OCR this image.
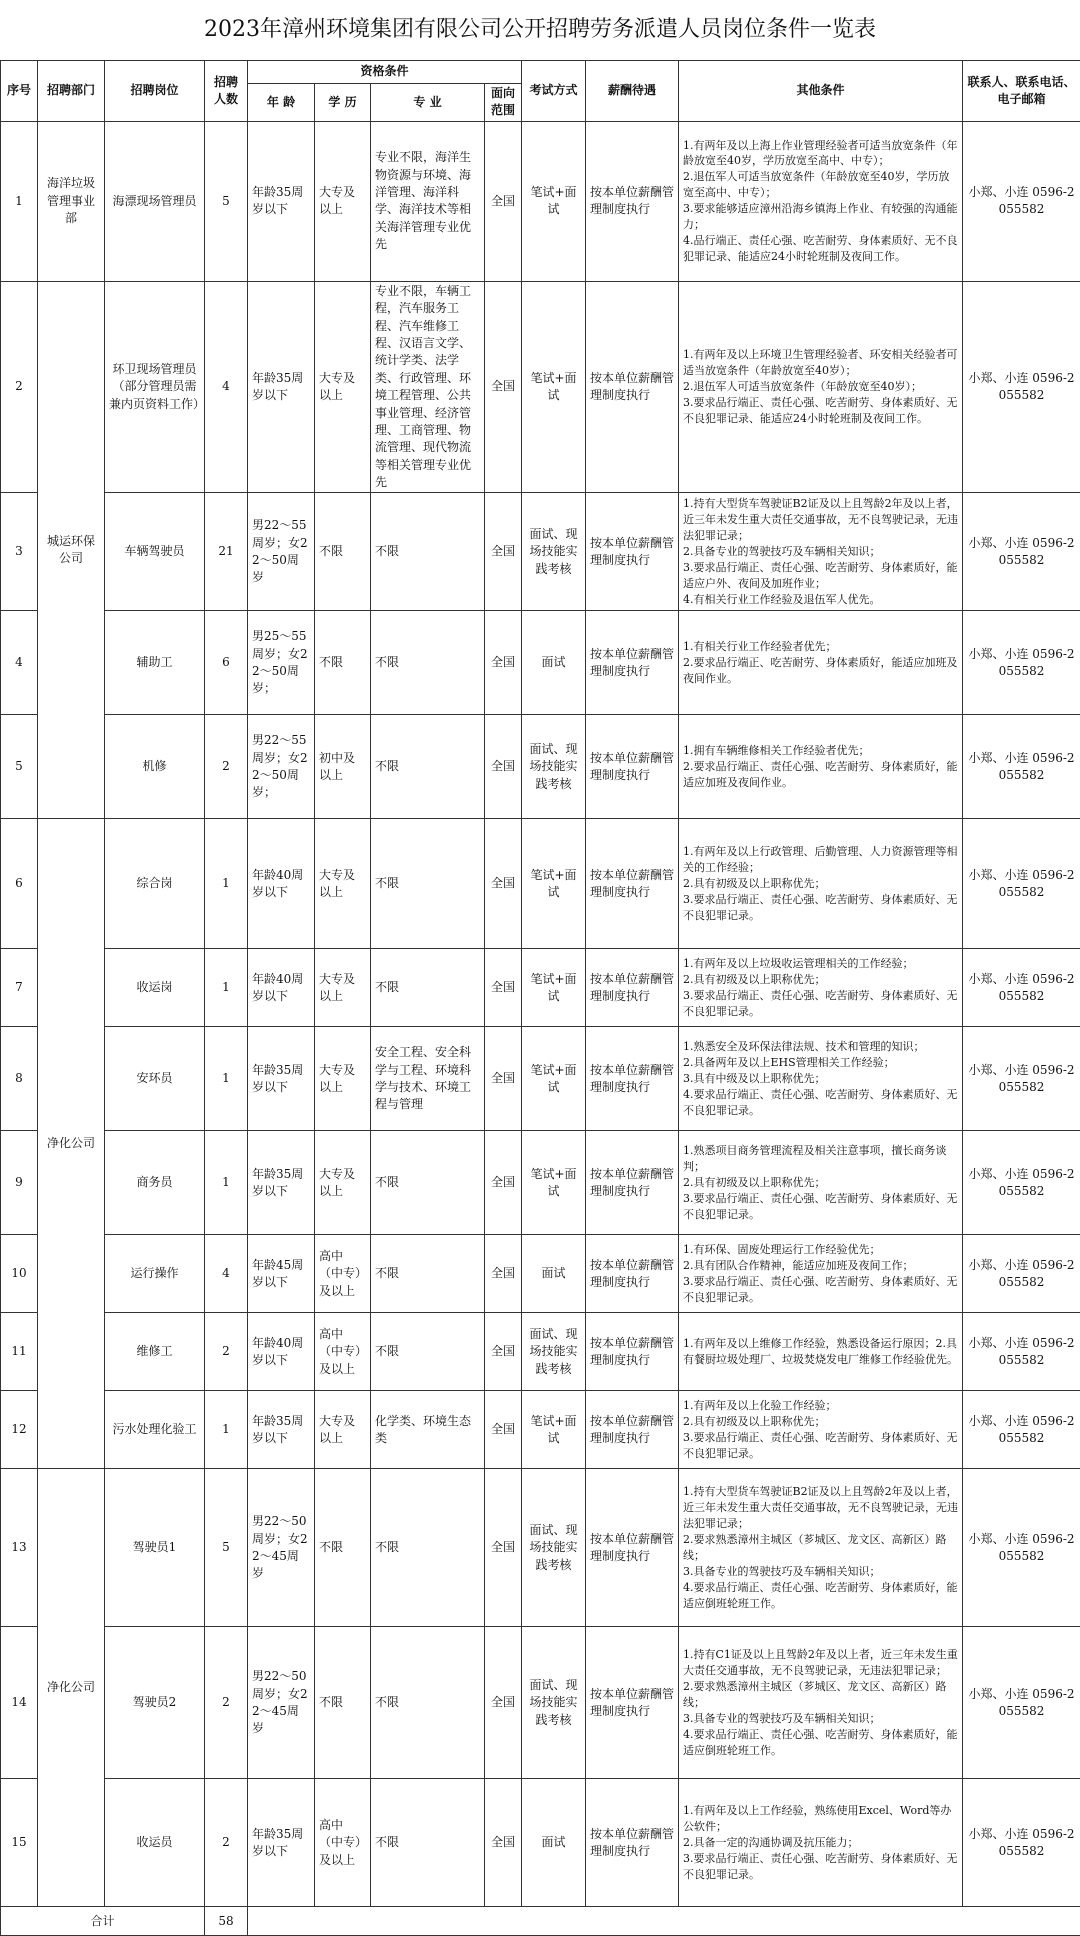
2023年漳州环境集团有限公司公开招聘劳务派遣人员岗位条件一览表
序号	招聘部门	招聘岗位	招聘人数	资格条件				考试方式	薪酬待遇	其他条件	联系人、联系电话、 电子邮箱
				年 龄	学 历	专 业	面向范围				
1	海洋垃圾管理事业部	海漂现场管理员	5	年龄35周岁以下	大专及以上	专业不限，海洋生物资源与环境、海洋管理、海洋科学、海洋技术等相关海洋管理专业优先	全国	笔试+面试	按本单位薪酬管理制度执行	1.有两年及以上海上作业管理经验者可适当放宽条件（年龄放宽至40岁，学历放宽至高中、中专）；
2.退伍军人可适当放宽条件（年龄放宽至40岁，学历放宽至高中、中专）；
3.要求能够适应漳州沿海乡镇海上作业、有较强的沟通能力；
4.品行端正、责任心强、吃苦耐劳、身体素质好、无不良犯罪记录、能适应24小时轮班制及夜间工作。	小郑、小连 0596-2055582
2	城运环保公司	环卫现场管理员（部分管理员需兼内页资料工作）	4	年龄35周岁以下	大专及以上	专业不限，车辆工程，汽车服务工程、汽车维修工程、汉语言文学、统计学类、法学类、行政管理、环境工程管理、公共事业管理、经济管理、工商管理、物流管理、现代物流等相关管理专业优先	全国	笔试+面试	按本单位薪酬管理制度执行	1.有两年及以上环境卫生管理经验者、环安相关经验者可适当放宽条件（年龄放宽至40岁）；
2.退伍军人可适当放宽条件（年龄放宽至40岁）；
3.要求品行端正、责任心强、吃苦耐劳、身体素质好、无不良犯罪记录、能适应24小时轮班制及夜间工作。	小郑、小连 0596-2055582
3		车辆驾驶员	21	男22～55周岁；女22～50周岁	不限	不限	全国	面试、现场技能实践考核	按本单位薪酬管理制度执行	1.持有大型货车驾驶证B2证及以上且驾龄2年及以上者，近三年未发生重大责任交通事故，无不良驾驶记录，无违法犯罪记录；
2.具备专业的驾驶技巧及车辆相关知识；
3.要求品行端正、责任心强、吃苦耐劳、身体素质好，能适应户外、夜间及加班作业；
4.有相关行业工作经验及退伍军人优先。	小郑、小连 0596-2055582
4		辅助工	6	男25～55周岁；女22～50周岁；	不限	不限	全国	面试	按本单位薪酬管理制度执行	1.有相关行业工作经验者优先；
2.要求品行端正、吃苦耐劳、身体素质好，能适应加班及夜间作业。	小郑、小连 0596-2055582
5		机修	2	男22～55周岁；女22～50周岁；	初中及以上	不限	全国	面试、现场技能实践考核	按本单位薪酬管理制度执行	1.拥有车辆维修相关工作经验者优先；
2.要求品行端正、责任心强、吃苦耐劳、身体素质好，能适应加班及夜间作业。	小郑、小连 0596-2055582
6	净化公司	综合岗	1	年龄40周岁以下	大专及以上	不限	全国	笔试+面试	按本单位薪酬管理制度执行	1.有两年及以上行政管理、后勤管理、人力资源管理等相关的工作经验；
2.具有初级及以上职称优先；
3.要求品行端正、责任心强、吃苦耐劳、身体素质好、无不良犯罪记录。	小郑、小连 0596-2055582
7		收运岗	1	年龄40周岁以下	大专及以上	不限	全国	笔试+面试	按本单位薪酬管理制度执行	1.有两年及以上垃圾收运管理相关的工作经验；
2.具有初级及以上职称优先；
3.要求品行端正、责任心强、吃苦耐劳、身体素质好、无不良犯罪记录。	小郑、小连 0596-2055582
8		安环员	1	年龄35周岁以下	大专及以上	安全工程、安全科学与工程、环境科学与技术、环境工程与管理	全国	笔试+面试	按本单位薪酬管理制度执行	1.熟悉安全及环保法律法规、技术和管理的知识；
2.具备两年及以上EHS管理相关工作经验；
3.具有中级及以上职称优先；
4.要求品行端正、责任心强、吃苦耐劳、身体素质好、无不良犯罪记录。	小郑、小连 0596-2055582
9		商务员	1	年龄35周岁以下	大专及以上	不限	全国	笔试+面试	按本单位薪酬管理制度执行	1.熟悉项目商务管理流程及相关注意事项，擅长商务谈判；
2.具有初级及以上职称优先；
3.要求品行端正、责任心强、吃苦耐劳、身体素质好、无不良犯罪记录。	小郑、小连 0596-2055582
10		运行操作	4	年龄45周岁以下	高中（中专）及以上	不限	全国	面试	按本单位薪酬管理制度执行	1.有环保、固废处理运行工作经验优先；
2.具有团队合作精神，能适应加班及夜间工作；
3.要求品行端正、责任心强、吃苦耐劳、身体素质好、无不良犯罪记录。	小郑、小连 0596-2055582
11		维修工	2	年龄40周岁以下	高中（中专）及以上	不限	全国	面试、现场技能实践考核	按本单位薪酬管理制度执行	1.有两年及以上维修工作经验，熟悉设备运行原因；2.具有餐厨垃圾处理厂、垃圾焚烧发电厂维修工作经验优先。	小郑、小连 0596-2055582
12		污水处理化验工	1	年龄35周岁以下	大专及以上	化学类、环境生态类	全国	笔试+面试	按本单位薪酬管理制度执行	1.有两年及以上化验工作经验；
2.具有初级及以上职称优先；
3.要求品行端正、责任心强、吃苦耐劳、身体素质好、无不良犯罪记录。	小郑、小连 0596-2055582
13	净化公司	驾驶员1	5	男22～50周岁；女22～45周岁	不限	不限	全国	面试、现场技能实践考核	按本单位薪酬管理制度执行	1.持有大型货车驾驶证B2证及以上且驾龄2年及以上者，近三年未发生重大责任交通事故，无不良驾驶记录，无违法犯罪记录；
2.要求熟悉漳州主城区（芗城区、龙文区、高新区）路线；
3.具备专业的驾驶技巧及车辆相关知识；
4.要求品行端正、责任心强、吃苦耐劳、身体素质好，能适应倒班轮班工作。	小郑、小连 0596-2055582
14		驾驶员2	2	男22～50周岁；女22～45周岁	不限	不限	全国	面试、现场技能实践考核	按本单位薪酬管理制度执行	1.持有C1证及以上且驾龄2年及以上者，近三年未发生重大责任交通事故，无不良驾驶记录，无违法犯罪记录；
2.要求熟悉漳州主城区（芗城区、龙文区、高新区）路线；
3.具备专业的驾驶技巧及车辆相关知识；
4.要求品行端正、责任心强、吃苦耐劳、身体素质好，能适应倒班轮班工作。	小郑、小连 0596-2055582
15		收运员	2	年龄35周岁以下	高中（中专）及以上	不限	全国	面试	按本单位薪酬管理制度执行	1.有两年及以上工作经验，熟练使用Excel、Word等办公软件；
2.具备一定的沟通协调及抗压能力；
3.要求品行端正、责任心强、吃苦耐劳、身体素质好、无不良犯罪记录。	小郑、小连 0596-2055582
合计			58								
